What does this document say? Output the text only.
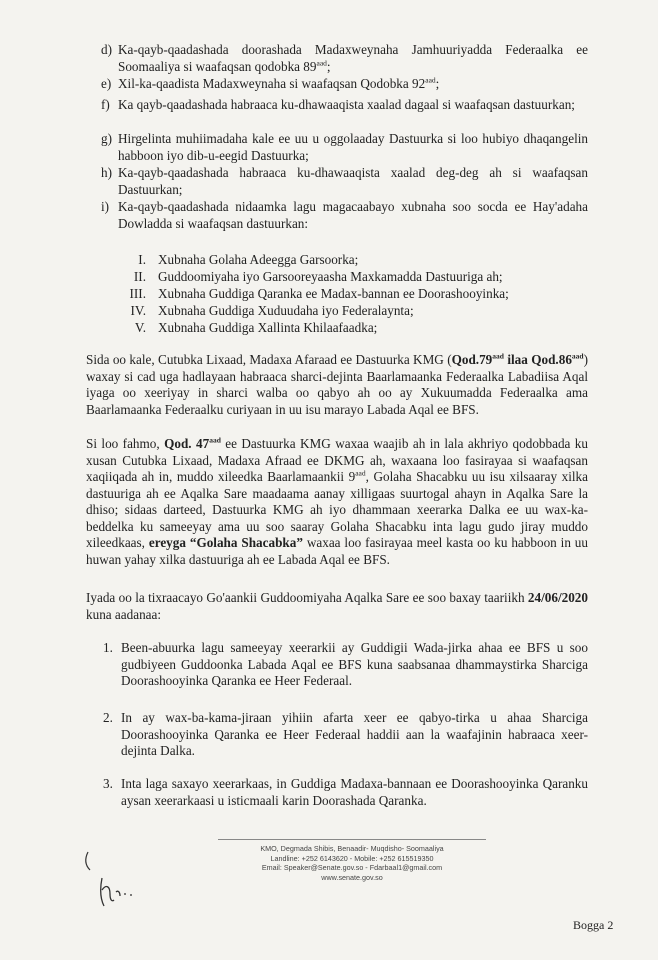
d) Ka-qayb-qaadashada doorashada Madaxweynaha Jamhuuriyadda Federaalka ee Soomaaliya si waafaqsan qodobka $89^{aad}$;

e) Xil-ka-qaadista Madaxweynaha si waafaqsan Qodobka $92^{aad}$;

f) Ka qayb-qaadashada habraaca ku-dhawaaqista xaalad dagaal si waafaqsan dastuurkan;

g) Hirgelinta muhiimadaha kale ee uu u oggolaaday Dastuurka si loo hubiyo dhaqangelin habboon iyo dib-u-eegid Dastuurka;

h) Ka-qayb-qaadashada habraaca ku-dhawaaqista xaalad deg-deg ah si waafaqsan Dastuurkan;

i) Ka-qayb-qaadashada nidaamka lagu magacaabayo xubnaha soo socda ee Hay'adaha Dowladda si waafaqsan dastuurkan:

I. Xubnaha Golaha Adeegga Garsoorka;
II. Guddoomiyaha iyo Garsooreyaasha Maxkamadda Dastuuriga ah;
III. Xubnaha Guddiga Qaranka ee Madax-bannan ee Doorashooyinka;
IV. Xubnaha Guddiga Xuduudaha iyo Federalaynta;
V. Xubnaha Guddiga Xallinta Khilaafaadka;

Sida oo kale, Cutubka Lixaad, Madaxa Afaraad ee Dastuurka KMG (Qod.79$^{aad}$ ilaa Qod.86$^{aad}$) waxay si cad uga hadlayaan habraaca sharci-dejinta Baarlamaanka Federaalka Labadiisa Aqal iyaga oo xeeriyay in sharci walba oo qabyo ah oo ay Xukuumadda Federaalka ama Baarlamaanka Federaalku curiyaan in uu isu marayo Labada Aqal ee BFS.

Si loo fahmo, Qod. $47^{aad}$ ee Dastuurka KMG waxaa waajib ah in lala akhriyo qodobbada ku xusan Cutubka Lixaad, Madaxa Afraad ee DKMG ah, waxaana loo fasirayaa si waafaqsan xaqiiqada ah in, muddo xileedka Baarlamaankii $9^{aad}$, Golaha Shacabku uu isu xilsaaray xilka dastuuriga ah ee Aqalka Sare maadaama aanay xilligaas suurtogal ahayn in Aqalka Sare la dhiso; sidaas darteed, Dastuurka KMG ah iyo dhammaan xeerarka Dalka ee uu wax-ka-beddelka ku sameeyay ama uu soo saaray Golaha Shacabku inta lagu gudo jiray muddo xileedkaas, ereyga “Golaha Shacabka” waxaa loo fasirayaa meel kasta oo ku habboon in uu huwan yahay xilka dastuuriga ah ee Labada Aqal ee BFS.

Iyada oo la tixraacayo Go'aankii Guddoomiyaha Aqalka Sare ee soo baxay taariikh 24/06/2020 kuna aadanaa:

1. Been-abuurka lagu sameeyay xeerarkii ay Guddigii Wada-jirka ahaa ee BFS u soo gudbiyeen Guddoonka Labada Aqal ee BFS kuna saabsanaa dhammaystirka Sharciga Doorashooyinka Qaranka ee Heer Federaal.

2. In ay wax-ba-kama-jiraan yihiin afarta xeer ee qabyo-tirka u ahaa Sharciga Doorashooyinka Qaranka ee Heer Federaal haddii aan la waafajinin habraaca xeer-dejinta Dalka.

3. Inta laga saxayo xeerarkaas, in Guddiga Madaxa-bannaan ee Doorashooyinka Qaranku aysan xeerarkaasi u isticmaali karin Doorashada Qaranka.

KMO, Degmada Shibis, Benaadir- Muqdisho- Soomaaliya
Landline: +252 6143620 - Mobile: +252 615519350
Email: Speaker@Senate.gov.so - Fdarbaal1@gmail.com
www.senate.gov.so
Bogga 2
